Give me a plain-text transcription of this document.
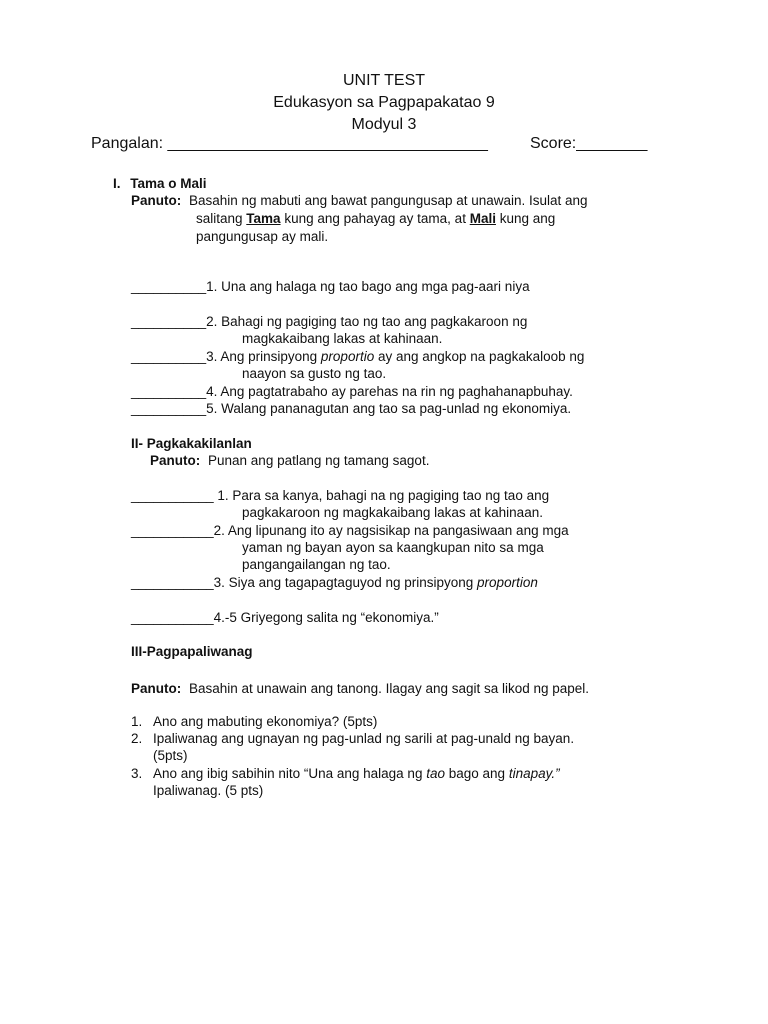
UNIT TEST
Edukasyon sa Pagpapakatao 9
Modyul 3
Pangalan: ____________________________________	Score:________
I. Tama o Mali
Panuto: Basahin ng mabuti ang bawat pangungusap at unawain. Isulat ang
salitang Tama kung ang pahayag ay tama, at Mali kung ang
pangungusap ay mali.
__________1. Una ang halaga ng tao bago ang mga pag-aari niya
__________2. Bahagi ng pagiging tao ng tao ang pagkakaroon ng
magkakaibang lakas at kahinaan.
__________3. Ang prinsipyong proportio ay ang angkop na pagkakaloob ng
naayon sa gusto ng tao.
__________4. Ang pagtatrabaho ay parehas na rin ng paghahanapbuhay.
__________5. Walang pananagutan ang tao sa pag-unlad ng ekonomiya.
II- Pagkakakilanlan
Panuto: Punan ang patlang ng tamang sagot.
___________ 1. Para sa kanya, bahagi na ng pagiging tao ng tao ang
pagkakaroon ng magkakaibang lakas at kahinaan.
___________2. Ang lipunang ito ay nagsisikap na pangasiwaan ang mga
yaman ng bayan ayon sa kaangkupan nito sa mga
pangangailangan ng tao.
___________3. Siya ang tagapagtaguyod ng prinsipyong proportion
___________4.-5 Griyegong salita ng “ekonomiya.”
III-Pagpapaliwanag
Panuto: Basahin at unawain ang tanong. Ilagay ang sagit sa likod ng papel.
1. Ano ang mabuting ekonomiya? (5pts)
2. Ipaliwanag ang ugnayan ng pag-unlad ng sarili at pag-unald ng bayan.
(5pts)
3. Ano ang ibig sabihin nito “Una ang halaga ng tao bago ang tinapay.”
Ipaliwanag. (5 pts)
